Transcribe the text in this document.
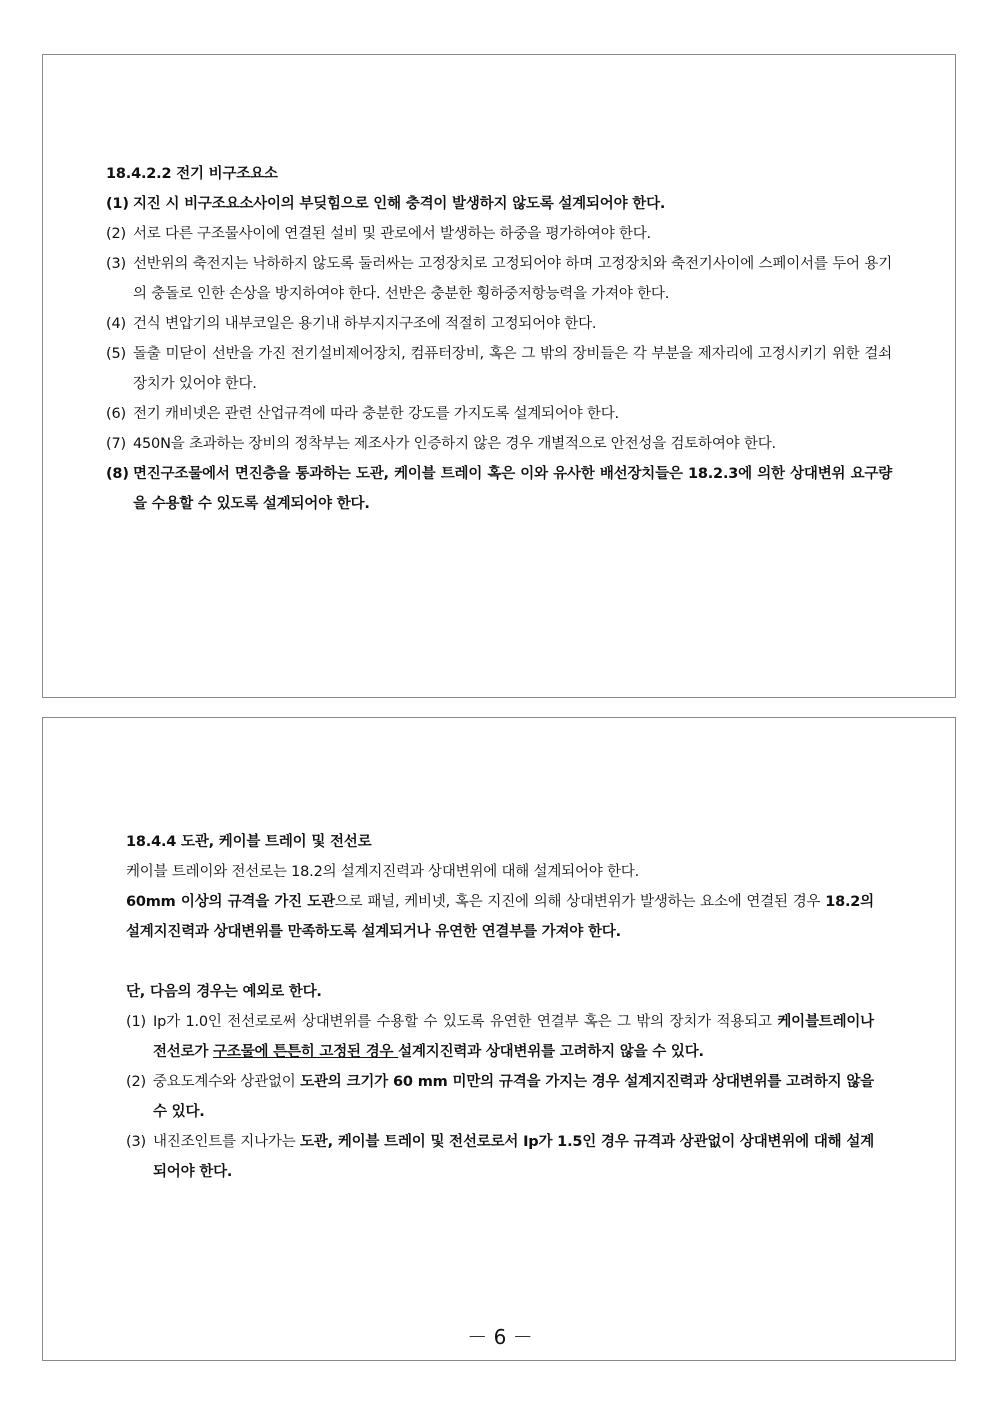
18.4.2.2 전기 비구조요소
(1) 지진 시 비구조요소사이의 부딪힘으로 인해 충격이 발생하지 않도록 설계되어야 한다.
(2) 서로 다른 구조물사이에 연결된 설비 및 관로에서 발생하는 하중을 평가하여야 한다.
(3) 선반위의 축전지는 낙하하지 않도록 둘러싸는 고정장치로 고정되어야 하며 고정장치와 축전기사이에 스페이서를 두어 용기의 충돌로 인한 손상을 방지하여야 한다. 선반은 충분한 횡하중저항능력을 가져야 한다.
(4) 건식 변압기의 내부코일은 용기내 하부지지구조에 적절히 고정되어야 한다.
(5) 돌출 미닫이 선반을 가진 전기설비제어장치, 컴퓨터장비, 혹은 그 밖의 장비들은 각 부분을 제자리에 고정시키기 위한 걸쇠장치가 있어야 한다.
(6) 전기 캐비넷은 관련 산업규격에 따라 충분한 강도를 가지도록 설계되어야 한다.
(7) 450N을 초과하는 장비의 정착부는 제조사가 인증하지 않은 경우 개별적으로 안전성을 검토하여야 한다.
(8) 면진구조물에서 면진층을 통과하는 도관, 케이블 트레이 혹은 이와 유사한 배선장치들은 18.2.3에 의한 상대변위 요구량을 수용할 수 있도록 설계되어야 한다.
18.4.4 도관, 케이블 트레이 및 전선로
케이블 트레이와 전선로는 18.2의 설계지진력과 상대변위에 대해 설계되어야 한다.
60mm 이상의 규격을 가진 도관으로 패널, 케비넷, 혹은 지진에 의해 상대변위가 발생하는 요소에 연결된 경우 18.2의 설계지진력과 상대변위를 만족하도록 설계되거나 유연한 연결부를 가져야 한다.
단, 다음의 경우는 예외로 한다.
(1) Ip가 1.0인 전선로로써 상대변위를 수용할 수 있도록 유연한 연결부 혹은 그 밖의 장치가 적용되고 케이블트레이나 전선로가 구조물에 튼튼히 고정된 경우 설계지진력과 상대변위를 고려하지 않을 수 있다.
(2) 중요도계수와 상관없이 도관의 크기가 60 mm 미만의 규격을 가지는 경우 설계지진력과 상대변위를 고려하지 않을 수 있다.
(3) 내진조인트를 지나가는 도관, 케이블 트레이 및 전선로로서 Ip가 1.5인 경우 규격과 상관없이 상대변위에 대해 설계되어야 한다.
－ 6 －
